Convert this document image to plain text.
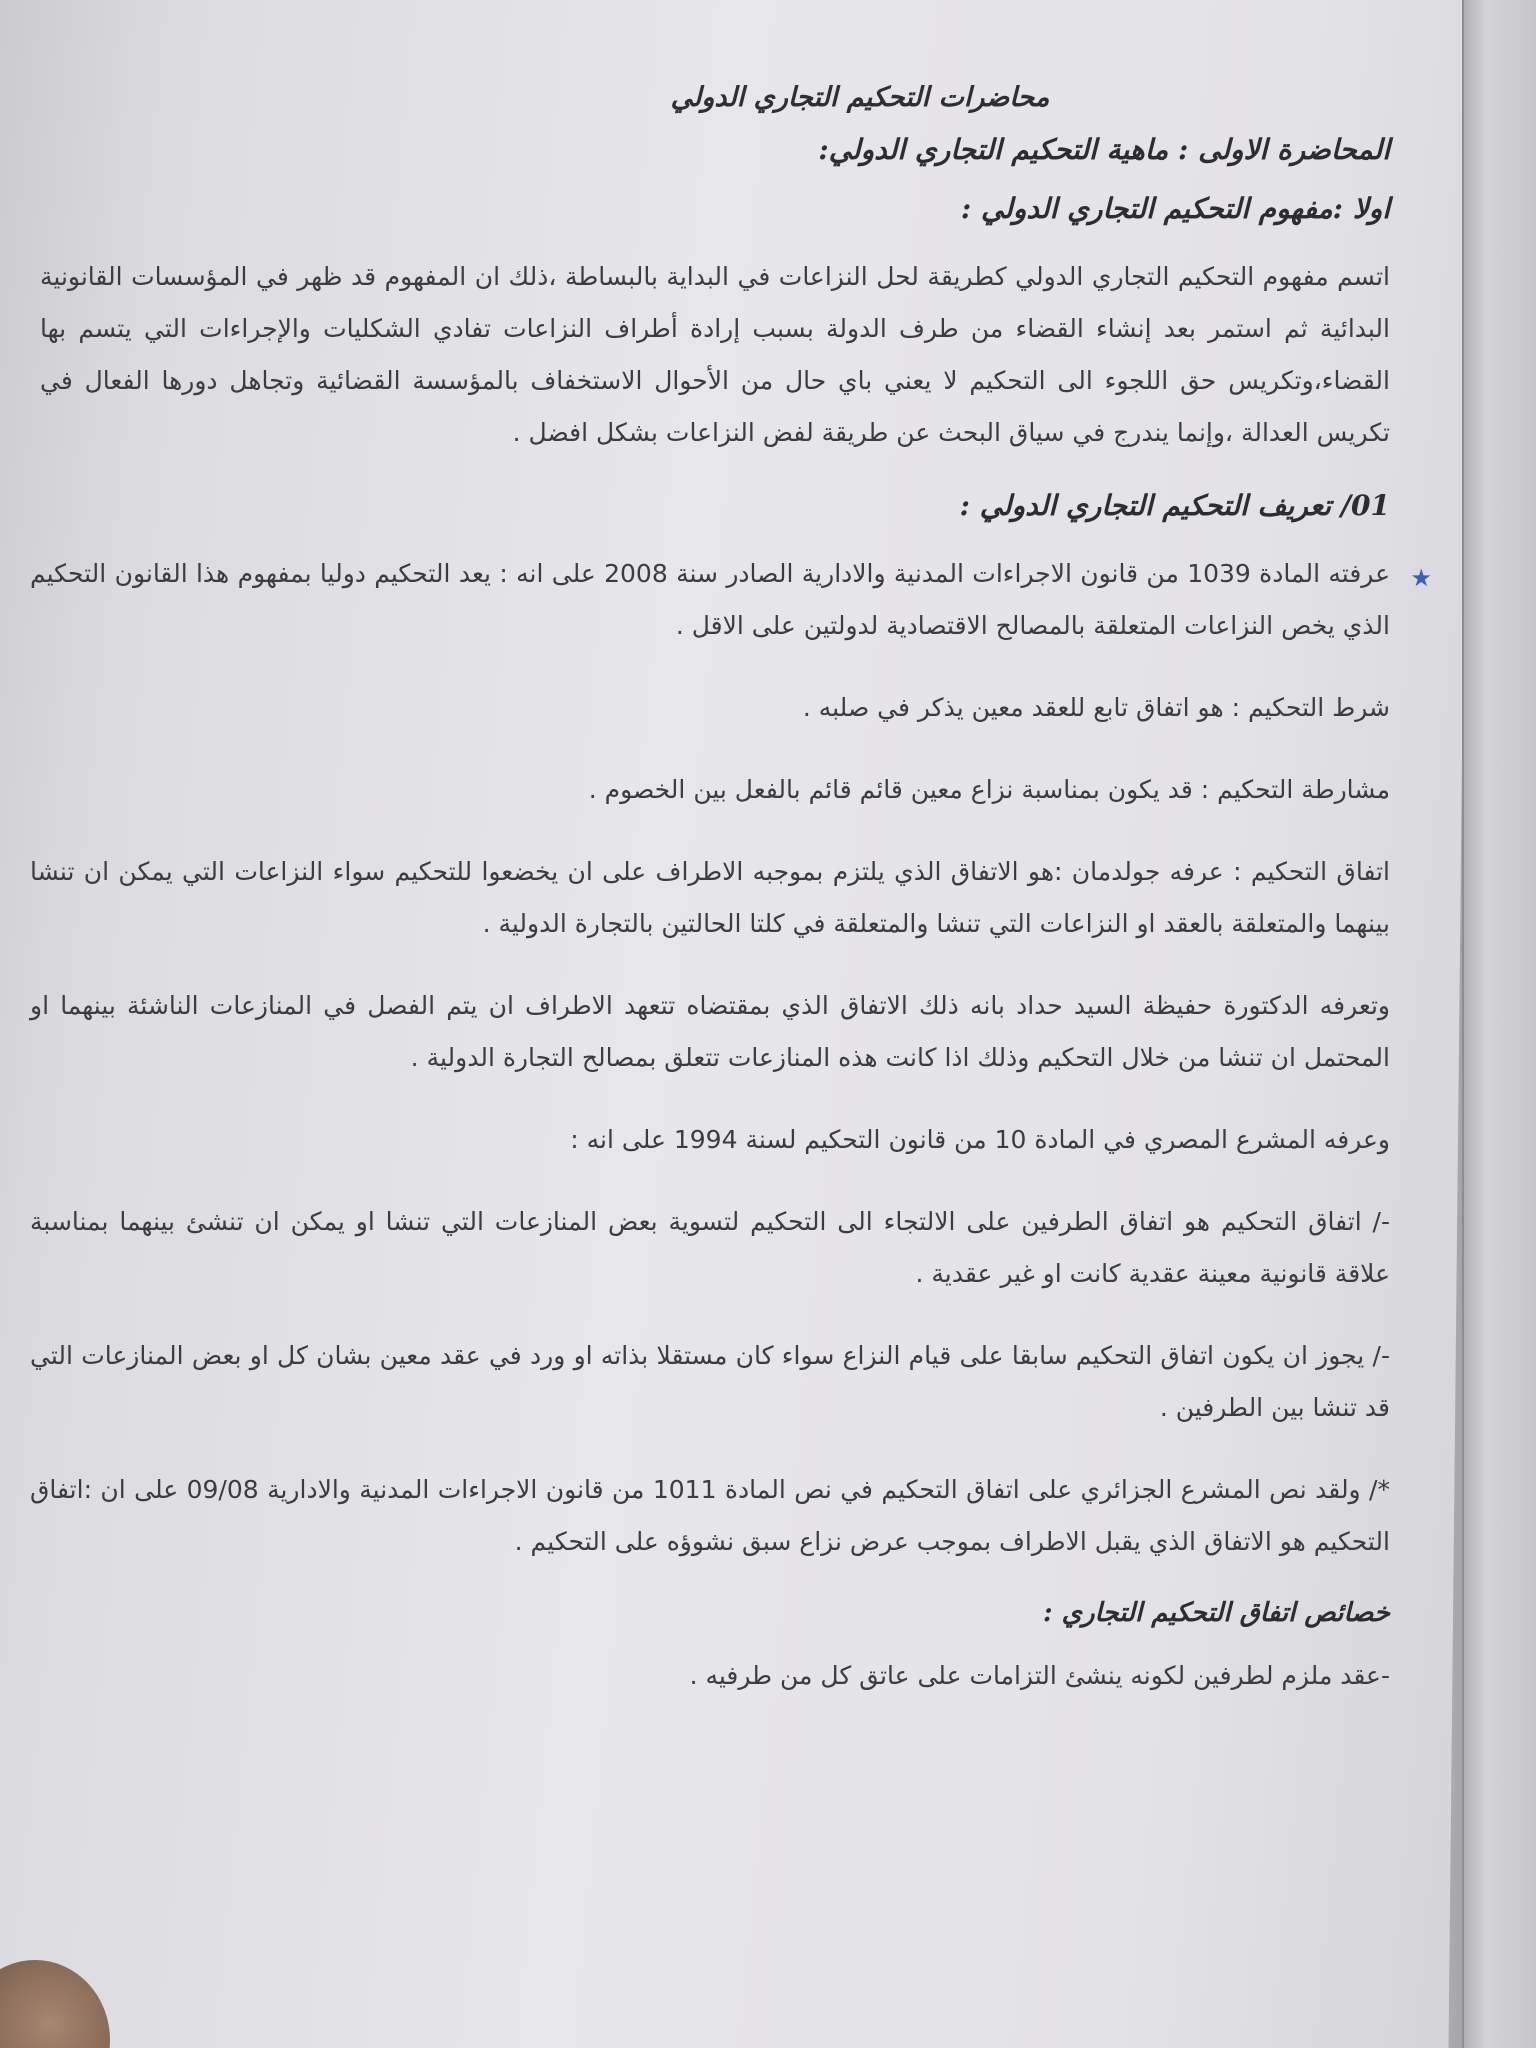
محاضرات التحكيم التجاري الدولي
المحاضرة الاولى : ماهية التحكيم التجاري الدولي:
اولا :مفهوم التحكيم التجاري الدولي :

اتسم مفهوم التحكيم التجاري الدولي كطريقة لحل النزاعات في البداية بالبساطة ،ذلك ان المفهوم قد ظهر في المؤسسات القانونية البدائية ثم استمر بعد إنشاء القضاء من طرف الدولة بسبب إرادة أطراف النزاعات تفادي الشكليات والإجراءات التي يتسم بها القضاء،وتكريس حق اللجوء الى التحكيم لا يعني باي حال من الأحوال الاستخفاف بالمؤسسة القضائية وتجاهل دورها الفعال في تكريس العدالة ،وإنما يندرج في سياق البحث عن طريقة لفض النزاعات بشكل افضل .

01/ تعريف التحكيم التجاري الدولي :

★
عرفته المادة 1039 من قانون الاجراءات المدنية والادارية الصادر سنة 2008 على انه : يعد التحكيم دوليا بمفهوم هذا القانون التحكيم الذي يخص النزاعات المتعلقة بالمصالح الاقتصادية لدولتين على الاقل .

شرط التحكيم : هو اتفاق تابع للعقد معين يذكر في صلبه .

مشارطة التحكيم : قد يكون بمناسبة نزاع معين قائم قائم بالفعل بين الخصوم .

اتفاق التحكيم : عرفه جولدمان :هو الاتفاق الذي يلتزم بموجبه الاطراف على ان يخضعوا للتحكيم سواء النزاعات التي يمكن ان تنشا بينهما والمتعلقة بالعقد او النزاعات التي تنشا والمتعلقة في كلتا الحالتين بالتجارة الدولية .

وتعرفه الدكتورة حفيظة السيد حداد بانه ذلك الاتفاق الذي بمقتضاه تتعهد الاطراف ان يتم الفصل في المنازعات الناشئة بينهما او المحتمل ان تنشا من خلال التحكيم وذلك اذا كانت هذه المنازعات تتعلق بمصالح التجارة الدولية .

وعرفه المشرع المصري في المادة 10 من قانون التحكيم لسنة 1994 على انه :

-/ اتفاق التحكيم هو اتفاق الطرفين على الالتجاء الى التحكيم لتسوية بعض المنازعات التي تنشا او يمكن ان تنشئ بينهما بمناسبة علاقة قانونية معينة عقدية كانت او غير عقدية .

-/ يجوز ان يكون اتفاق التحكيم سابقا على قيام النزاع سواء كان مستقلا بذاته او ورد في عقد معين بشان كل او بعض المنازعات التي قد تنشا بين الطرفين .

*/ ولقد نص المشرع الجزائري على اتفاق التحكيم في نص المادة 1011 من قانون الاجراءات المدنية والادارية 09/08 على ان :اتفاق التحكيم هو الاتفاق الذي يقبل الاطراف بموجب عرض نزاع سبق نشوؤه على التحكيم .

خصائص اتفاق التحكيم التجاري :

-عقد ملزم لطرفين لكونه ينشئ التزامات على عاتق كل من طرفيه .
